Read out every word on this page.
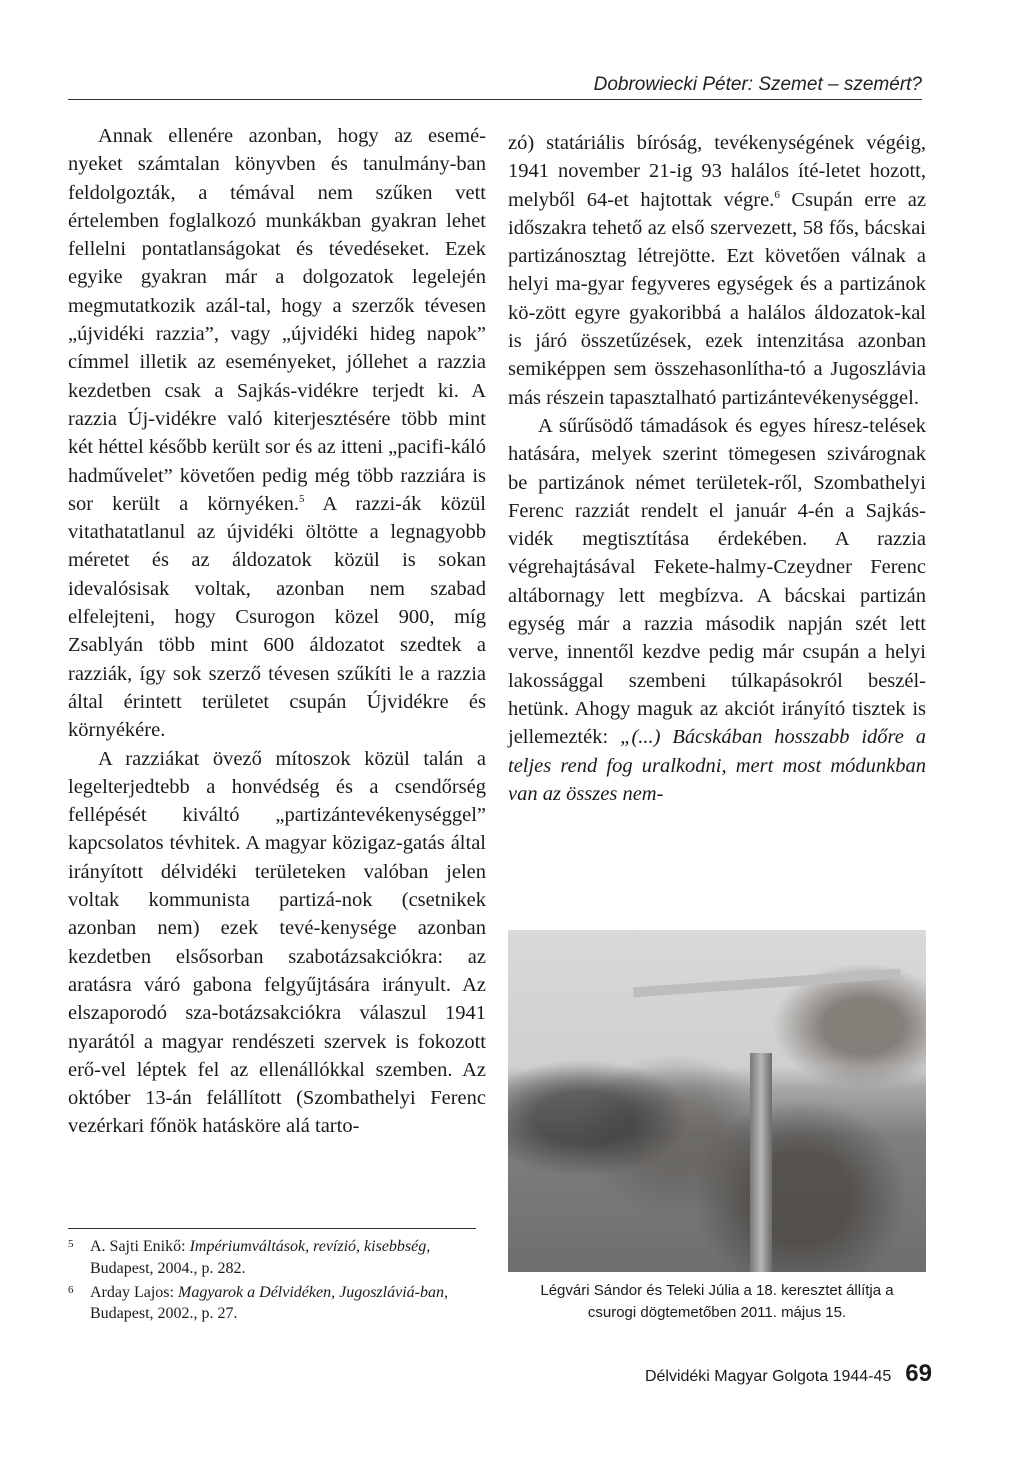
Dobrowiecki Péter: Szemet – szemért?

Annak ellenére azonban, hogy az esemé-nyeket számtalan könyvben és tanulmány-ban feldolgozták, a témával nem szűken vett értelemben foglalkozó munkákban gyakran lehet fellelni pontatlanságokat és tévedéseket. Ezek egyike gyakran már a dolgozatok legelején megmutatkozik azál-tal, hogy a szerzők tévesen „újvidéki razzia”, vagy „újvidéki hideg napok” címmel illetik az eseményeket, jóllehet a razzia kezdetben csak a Sajkás-vidékre terjedt ki. A razzia Új-vidékre való kiterjesztésére több mint két héttel később került sor és az itteni „pacifi-káló hadművelet” követően pedig még több razziára is sor került a környéken.$^5$ A razzi-ák közül vitathatatlanul az újvidéki öltötte a legnagyobb méretet és az áldozatok közül is sokan idevalósisak voltak, azonban nem szabad elfelejteni, hogy Csurogon közel 900, míg Zsablyán több mint 600 áldozatot szedtek a razziák, így sok szerző tévesen szűkíti le a razzia által érintett területet csupán Újvidékre és környékére.

A razziákat övező mítoszok közül talán a legelterjedtebb a honvédség és a csendőrség fellépését kiváltó „partizántevékenységgel” kapcsolatos tévhitek. A magyar közigaz-gatás által irányított délvidéki területeken valóban jelen voltak kommunista partizá-nok (csetnikek azonban nem) ezek tevé-kenysége azonban kezdetben elsősorban szabotázsakciókra: az aratásra váró gabona felgyűjtására irányult. Az elszaporodó sza-botázsakciókra válaszul 1941 nyarától a magyar rendészeti szervek is fokozott erő-vel léptek fel az ellenállókkal szemben. Az október 13-án felállított (Szombathelyi Ferenc vezérkari főnök hatásköre alá tarto-

zó) statáriális bíróság, tevékenységének végéig, 1941 november 21-ig 93 halálos íté-letet hozott, melyből 64-et hajtottak végre.$^6$ Csupán erre az időszakra tehető az első szervezett, 58 fős, bácskai partizánosztag létrejötte. Ezt követően válnak a helyi ma-gyar fegyveres egységek és a partizánok kö-zött egyre gyakoribbá a halálos áldozatok-kal is járó összetűzések, ezek intenzitása azonban semiképpen sem összehasonlítha-tó a Jugoszlávia más részein tapasztalható partizántevékenységgel.

A sűrűsödő támadások és egyes híresz-telések hatására, melyek szerint tömegesen szivárognak be partizánok német területek-ről, Szombathelyi Ferenc razziát rendelt el január 4-én a Sajkás-vidék megtisztítása érdekében. A razzia végrehajtásával Fekete-halmy-Czeydner Ferenc altábornagy lett megbízva. A bácskai partizán egység már a razzia második napján szét lett verve, innentől kezdve pedig már csupán a helyi lakossággal szembeni túlkapásokról beszél-hetünk. Ahogy maguk az akciót irányító tisztek is jellemezték: „(...) Bácskában hosszabb időre a teljes rend fog uralkodni, mert most módunkban van az összes nem-

Légvári Sándor és Teleki Júlia a 18. keresztet állítja a
csurogi dögtemetőben 2011. május 15.
5 A. Sajti Enikő: Impériumváltások, revízió, kisebbség, Budapest, 2004., p. 282.
6 Arday Lajos: Magyarok a Délvidéken, Jugoszláviá-ban, Budapest, 2002., p. 27.
Délvidéki Magyar Golgota 1944-45 69
